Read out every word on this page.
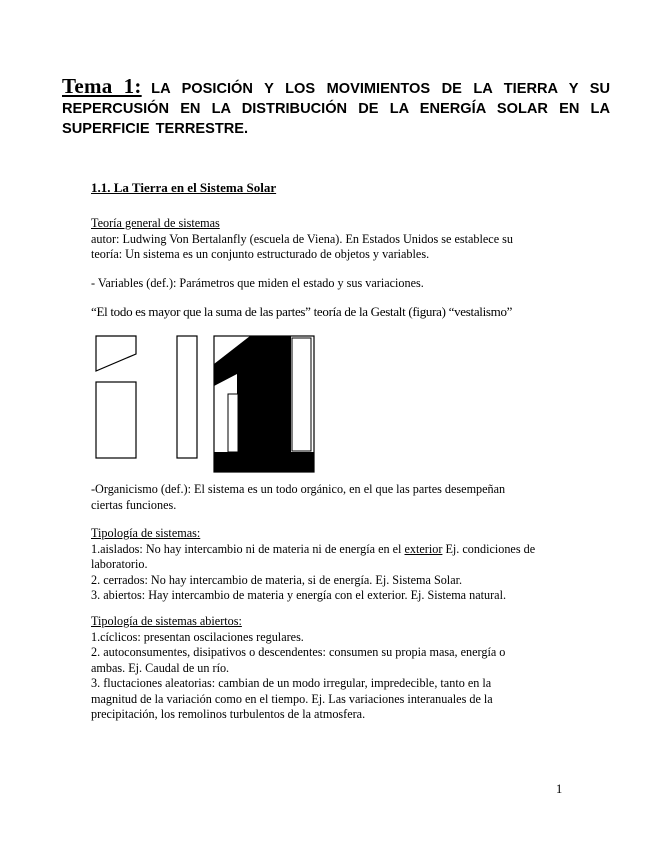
Tema 1: LA POSICIÓN Y LOS MOVIMIENTOS DE LA TIERRA Y SU REPERCUSIÓN EN LA DISTRIBUCIÓN DE LA ENERGÍA SOLAR EN LA SUPERFICIE TERRESTRE.
1.1. La Tierra en el Sistema Solar
Teoría general de sistemas
autor: Ludwing Von Bertalanfly (escuela de Viena). En Estados Unidos se establece su
teoría: Un sistema es un conjunto estructurado de objetos y variables.
- Variables (def.): Parámetros que miden el estado y sus variaciones.
“El todo es mayor que la suma de las partes” teoría de la Gestalt (figura) “vestalismo”
-Organicismo (def.): El sistema es un todo orgánico, en el que las partes desempeñan
ciertas funciones.
Tipología de sistemas:
1.aislados: No hay intercambio ni de materia ni de energía en el exterior Ej. condiciones de
laboratorio.
2. cerrados: No hay intercambio de materia, si de energía. Ej. Sistema Solar.
3. abiertos: Hay intercambio de materia y energía con el exterior. Ej. Sistema natural.
Tipología de sistemas abiertos:
1.cíclicos: presentan oscilaciones regulares.
2. autoconsumentes, disipativos o descendentes: consumen su propia masa, energía o
ambas. Ej. Caudal de un río.
3. fluctaciones aleatorias: cambian de un modo irregular, impredecible, tanto en la
magnitud de la variación como en el tiempo. Ej. Las variaciones interanuales de la
precipitación, los remolinos turbulentos de la atmosfera.
1
